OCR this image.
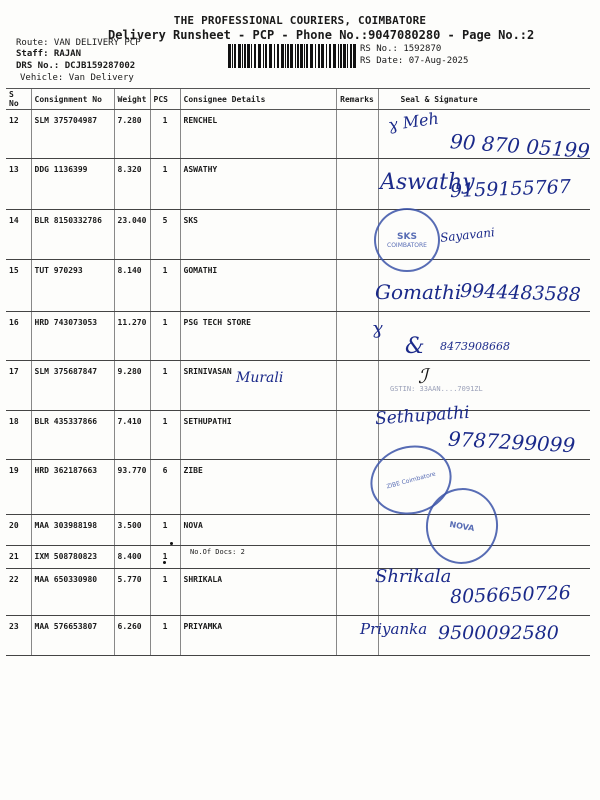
THE PROFESSIONAL COURIERS, COIMBATORE
Delivery Runsheet - PCP - Phone No.:9047080280 - Page No.:2
Route: VAN DELIVERY PCP
Staff: RAJAN
DRS No.: DCJB159287002
Vehicle: Van Delivery
RS No.: 1592870
RS Date: 07-Aug-2025
S No	Consignment No	Weight	PCS	Consignee Details	Remarks	Seal & Signature
12	SLM 375704987	7.280	1	RENCHEL		
13	DDG 1136399	8.320	1	ASWATHY		
14	BLR 8150332786	23.040	5	SKS		
15	TUT 970293	8.140	1	GOMATHI		
16	HRD 743073053	11.270	1	PSG TECH STORE		
17	SLM 375687847	9.280	1	SRINIVASAN		
18	BLR 435337866	7.410	1	SETHUPATHI		
19	HRD 362187663	93.770	6	ZIBE		
20	MAA 303988198	3.500	1	NOVA		
21	IXM 508780823	8.400	1			
22	MAA 650330980	5.770	1	SHRIKALA		
23	MAA 576653807	6.260	1	PRIYAMKA		
No.Of Docs: 2
ɣ Meh
90 870 05199
Aswathy
9159155767
SKS
COIMBATORE
Sayavani
Gomathi
9944483588
ɣ
& 8473908668
Murali	ℐ
GSTIN: 33AAN....7091ZL
Sethupathi
9787299099
ZIBE Coimbatore
NOVA
Shrikala
8056650726
Priyanka 9500092580
